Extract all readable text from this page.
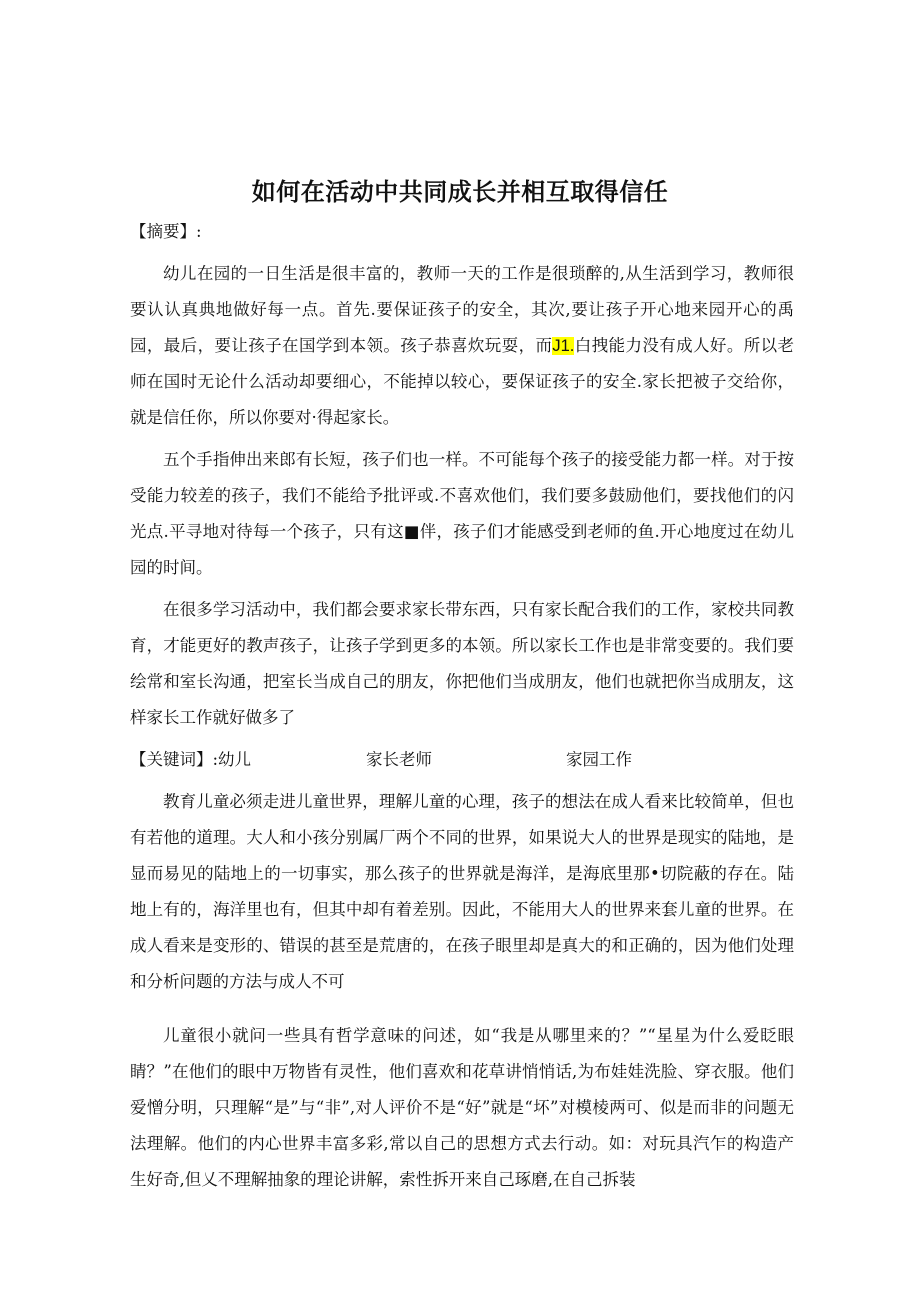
如何在活动中共同成长并相互取得信任
【摘要】:

幼儿在园的一日生活是很丰富的，教师一天的工作是很琐醉的,从生活到学习，教师很要认认真典地做好每一点。首先.要保证孩子的安全，其次,要让孩子开心地来园开心的禹园，最后，要让孩子在国学到本领。孩子恭喜炊玩耍，而J1.白拽能力没有成人好。所以老师在国时无论什么活动却要细心，不能掉以较心，要保证孩子的安全.家长把被子交给你，就是信任你，所以你要对·得起家长。

五个手指伸出来郎有长短，孩子们也一样。不可能每个孩子的接受能力都一样。对于按受能力较差的孩子，我们不能给予批评或.不喜欢他们，我们要多鼓励他们，要找他们的闪光点.平寻地对待每一个孩子，只有这■伴，孩子们才能感受到老师的鱼.开心地度过在幼儿园的时间。

在很多学习活动中，我们都会要求家长带东西，只有家长配合我们的工作，家校共同教育，才能更好的教声孩子，让孩子学到更多的本领。所以家长工作也是非常变要的。我们要绘常和室长沟通，把室长当成自己的朋友，你把他们当成朋友，他们也就把你当成朋友，这样家长工作就好做多了

【关键词】:幼儿	家长老师	家园工作

教育儿童必须走进儿童世界，理解儿童的心理，孩子的想法在成人看来比较简单，但也有若他的道理。大人和小孩分别属厂两个不同的世界，如果说大人的世界是现实的陆地，是显而易见的陆地上的一切事实，那么孩子的世界就是海洋，是海底里那•切院蔽的存在。陆地上有的，海洋里也有，但其中却有着差别。因此，不能用大人的世界来套儿童的世界。在成人看来是变形的、错误的甚至是荒唐的，在孩子眼里却是真大的和正确的，因为他们处理和分析问题的方法与成人不可

儿童很小就问一些具有哲学意味的问述，如“我是从哪里来的？”“星星为什么爱眨眼睛？”在他们的眼中万物皆有灵性，他们喜欢和花草讲悄悄话,为布娃娃洗脸、穿衣服。他们爱憎分明，只理解“是”与“非”,对人评价不是“好”就是“坏”对模棱两可、似是而非的问题无法理解。他们的内心世界丰富多彩,常以自己的思想方式去行动。如：对玩具汽乍的构造产生好奇,但乂不理解抽象的理论讲解，索性拆开来自己琢磨,在自己拆装
